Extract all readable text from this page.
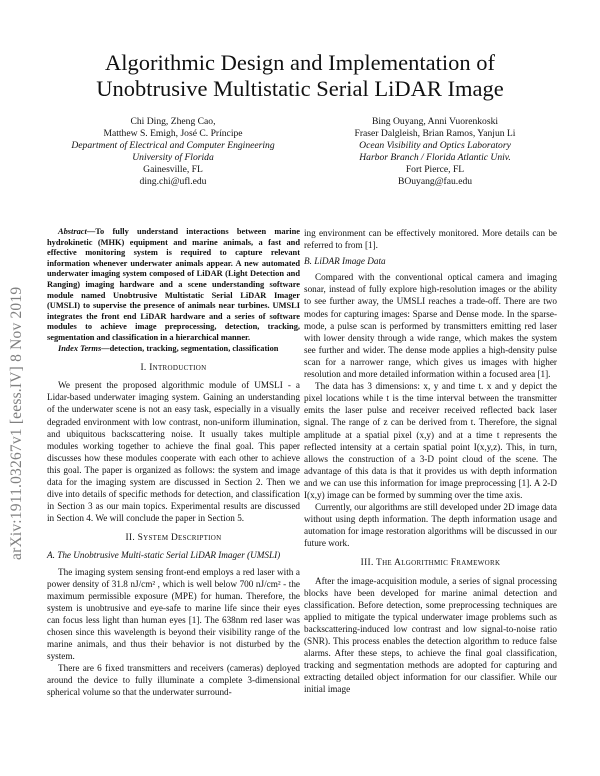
arXiv:1911.03267v1 [eess.IV] 8 Nov 2019
Algorithmic Design and Implementation of
Unobtrusive Multistatic Serial LiDAR Image
Chi Ding, Zheng Cao,
Matthew S. Emigh, José C. Príncipe
Department of Electrical and Computer Engineering
University of Florida
Gainesville, FL
ding.chi@ufl.edu
Bing Ouyang, Anni Vuorenkoski
Fraser Dalgleish, Brian Ramos, Yanjun Li
Ocean Visibility and Optics Laboratory
Harbor Branch / Florida Atlantic Univ.
Fort Pierce, FL
BOuyang@fau.edu

Abstract—To fully understand interactions between marine hydrokinetic (MHK) equipment and marine animals, a fast and effective monitoring system is required to capture relevant information whenever underwater animals appear. A new automated underwater imaging system composed of LiDAR (Light Detection and Ranging) imaging hardware and a scene understanding software module named Unobtrusive Multistatic Serial LiDAR Imager (UMSLI) to supervise the presence of animals near turbines. UMSLI integrates the front end LiDAR hardware and a series of software modules to achieve image preprocessing, detection, tracking, segmentation and classification in a hierarchical manner.

Index Terms—detection, tracking, segmentation, classification

I. Introduction

We present the proposed algorithmic module of UMSLI - a Lidar-based underwater imaging system. Gaining an understanding of the underwater scene is not an easy task, especially in a visually degraded environment with low contrast, non-uniform illumination, and ubiquitous backscattering noise. It usually takes multiple modules working together to achieve the final goal. This paper discusses how these modules cooperate with each other to achieve this goal. The paper is organized as follows: the system and image data for the imaging system are discussed in Section 2. Then we dive into details of specific methods for detection, and classification in Section 3 as our main topics. Experimental results are discussed in Section 4. We will conclude the paper in Section 5.

II. System Description
A. The Unobtrusive Multi-static Serial LiDAR Imager (UMSLI)

The imaging system sensing front-end employs a red laser with a power density of 31.8 nJ/cm² , which is well below 700 nJ/cm² - the maximum permissible exposure (MPE) for human. Therefore, the system is unobtrusive and eye-safe to marine life since their eyes can focus less light than human eyes [1]. The 638nm red laser was chosen since this wavelength is beyond their visibility range of the marine animals, and thus their behavior is not disturbed by the system.

There are 6 fixed transmitters and receivers (cameras) deployed around the device to fully illuminate a complete 3-dimensional spherical volume so that the underwater surround-

ing environment can be effectively monitored. More details can be referred to from [1].

B. LiDAR Image Data

Compared with the conventional optical camera and imaging sonar, instead of fully explore high-resolution images or the ability to see further away, the UMSLI reaches a trade-off. There are two modes for capturing images: Sparse and Dense mode. In the sparse-mode, a pulse scan is performed by transmitters emitting red laser with lower density through a wide range, which makes the system see further and wider. The dense mode applies a high-density pulse scan for a narrower range, which gives us images with higher resolution and more detailed information within a focused area [1].

The data has 3 dimensions: x, y and time t. x and y depict the pixel locations while t is the time interval between the transmitter emits the laser pulse and receiver received reflected back laser signal. The range of z can be derived from t. Therefore, the signal amplitude at a spatial pixel (x,y) and at a time t represents the reflected intensity at a certain spatial point I(x,y,z). This, in turn, allows the construction of a 3-D point cloud of the scene. The advantage of this data is that it provides us with depth information and we can use this information for image preprocessing [1]. A 2-D I(x,y) image can be formed by summing over the time axis.

Currently, our algorithms are still developed under 2D image data without using depth information. The depth information usage and automation for image restoration algorithms will be discussed in our future work.

III. The Algorithmic Framework

After the image-acquisition module, a series of signal processing blocks have been developed for marine animal detection and classification. Before detection, some preprocessing techniques are applied to mitigate the typical underwater image problems such as backscattering-induced low contrast and low signal-to-noise ratio (SNR). This process enables the detection algorithm to reduce false alarms. After these steps, to achieve the final goal classification, tracking and segmentation methods are adopted for capturing and extracting detailed object information for our classifier. While our initial image
